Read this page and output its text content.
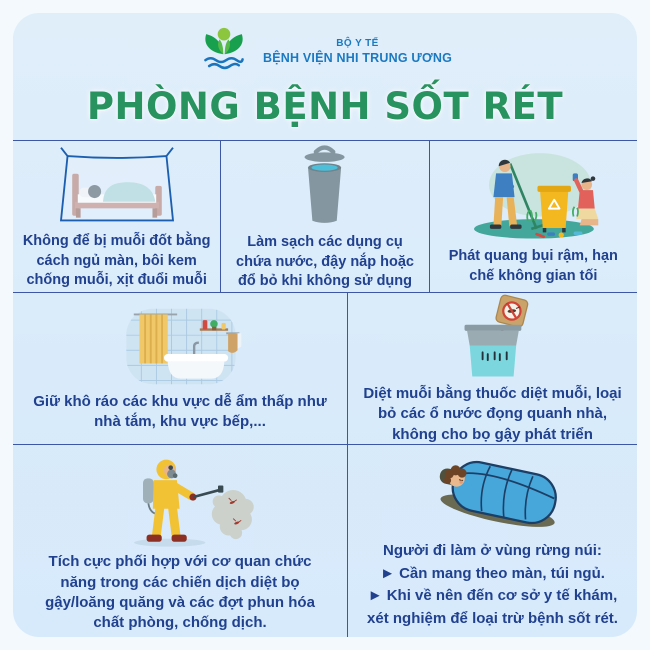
BỘ Y TẾ
BỆNH VIỆN NHI TRUNG ƯƠNG
PHÒNG BỆNH SỐT RÉT

Không để bị muỗi đốt bằng cách ngủ màn, bôi kem chống muỗi, xịt đuổi muỗi

Làm sạch các dụng cụ chứa nước, đậy nắp hoặc đổ bỏ khi không sử dụng

Phát quang bụi rậm, hạn chế không gian tối

Giữ khô ráo các khu vực dễ ẩm thấp như nhà tắm, khu vực bếp,...

Diệt muỗi bằng thuốc diệt muỗi, loại bỏ các ổ nước đọng quanh nhà, không cho bọ gậy phát triển

Tích cực phối hợp với cơ quan chức năng trong các chiến dịch diệt bọ gậy/loăng quăng và các đợt phun hóa chất phòng, chống dịch.

Người đi làm ở vùng rừng núi:
► Cần mang theo màn, túi ngủ.
► Khi về nên đến cơ sở y tế khám,
xét nghiệm để loại trừ bệnh sốt rét.
